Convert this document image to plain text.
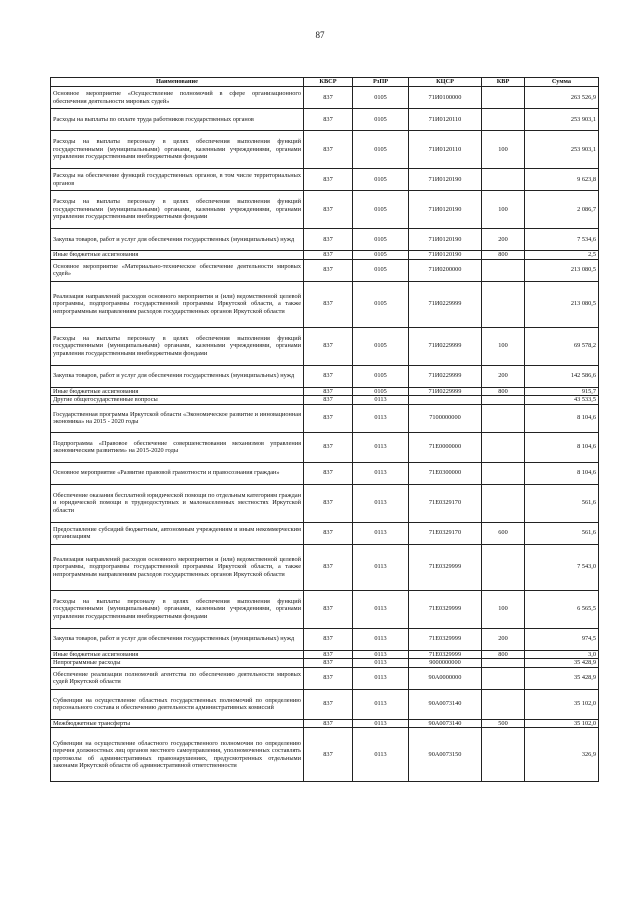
87
Наименование	КВСР	РзПР	КЦСР	КВР	Сумма
Основное мероприятие «Осуществление полномочий в сфере организационного обеспечения деятельности мировых судей»	837	0105	71И0100000		263 526,9
Расходы на выплаты по оплате труда работников государственных органов	837	0105	71И0120110		253 903,1
Расходы на выплаты персоналу в целях обеспечения выполнения функций государственными (муниципальными) органами, казенными учреждениями, органами управления государственными внебюджетными фондами	837	0105	71И0120110	100	253 903,1
Расходы на обеспечение функций государственных органов, в том числе территориальных органов	837	0105	71И0120190		9 623,8
Расходы на выплаты персоналу в целях обеспечения выполнения функций государственными (муниципальными) органами, казенными учреждениями, органами управления государственными внебюджетными фондами	837	0105	71И0120190	100	2 086,7
Закупка товаров, работ и услуг для обеспечения государственных (муниципальных) нужд	837	0105	71И0120190	200	7 534,6
Иные бюджетные ассигнования	837	0105	71И0120190	800	2,5
Основное мероприятие «Материально-техническое обеспечение деятельности мировых судей»	837	0105	71И0200000		213 080,5
Реализация направлений расходов основного мероприятия и (или) ведомственной целевой программы, подпрограммы государственной программы Иркутской области, а также непрограммным направлениям расходов государственных органов Иркутской области	837	0105	71И0229999		213 080,5
Расходы на выплаты персоналу в целях обеспечения выполнения функций государственными (муниципальными) органами, казенными учреждениями, органами управления государственными внебюджетными фондами	837	0105	71И0229999	100	69 578,2
Закупка товаров, работ и услуг для обеспечения государственных (муниципальных) нужд	837	0105	71И0229999	200	142 586,6
Иные бюджетные ассигнования	837	0105	71И0229999	800	915,7
Другие общегосударственные вопросы	837	0113			43 533,5
Государственная программа Иркутской области «Экономическое развитие и инновационная экономика» на 2015 - 2020 годы	837	0113	7100000000		8 104,6
Подпрограмма «Правовое обеспечение совершенствования механизмов управления экономическим развитием» на 2015-2020 годы	837	0113	71Е0000000		8 104,6
Основное мероприятие «Развитие правовой грамотности и правосознания граждан»	837	0113	71Е0300000		8 104,6
Обеспечение оказания бесплатной юридической помощи по отдельным категориям граждан и юридической помощи в труднодоступных и малонаселенных местностях Иркутской области	837	0113	71Е0329170		561,6
Предоставление субсидий бюджетным, автономным учреждениям и иным некоммерческим организациям	837	0113	71Е0329170	600	561,6
Реализация направлений расходов основного мероприятия и (или) ведомственной целевой программы, подпрограммы государственной программы Иркутской области, а также непрограммным направлениям расходов государственных органов Иркутской области	837	0113	71Е0329999		7 543,0
Расходы на выплаты персоналу в целях обеспечения выполнения функций государственными (муниципальными) органами, казенными учреждениями, органами управления государственными внебюджетными фондами	837	0113	71Е0329999	100	6 565,5
Закупка товаров, работ и услуг для обеспечения государственных (муниципальных) нужд	837	0113	71Е0329999	200	974,5
Иные бюджетные ассигнования	837	0113	71Е0329999	800	3,0
Непрограммные расходы	837	0113	9000000000		35 428,9
Обеспечение реализации полномочий агентства по обеспечению деятельности мировых судей Иркутской области	837	0113	90А0000000		35 428,9
Субвенции на осуществление областных государственных полномочий по определению персонального состава и обеспечению деятельности административных комиссий	837	0113	90А0073140		35 102,0
Межбюджетные трансферты	837	0113	90А0073140	500	35 102,0
Субвенции на осуществление областного государственного полномочия по определению перечня должностных лиц органов местного самоуправления, уполномоченных составлять протоколы об административных правонарушениях, предусмотренных отдельными законами Иркутской области об административной ответственности	837	0113	90А0073150		326,9
